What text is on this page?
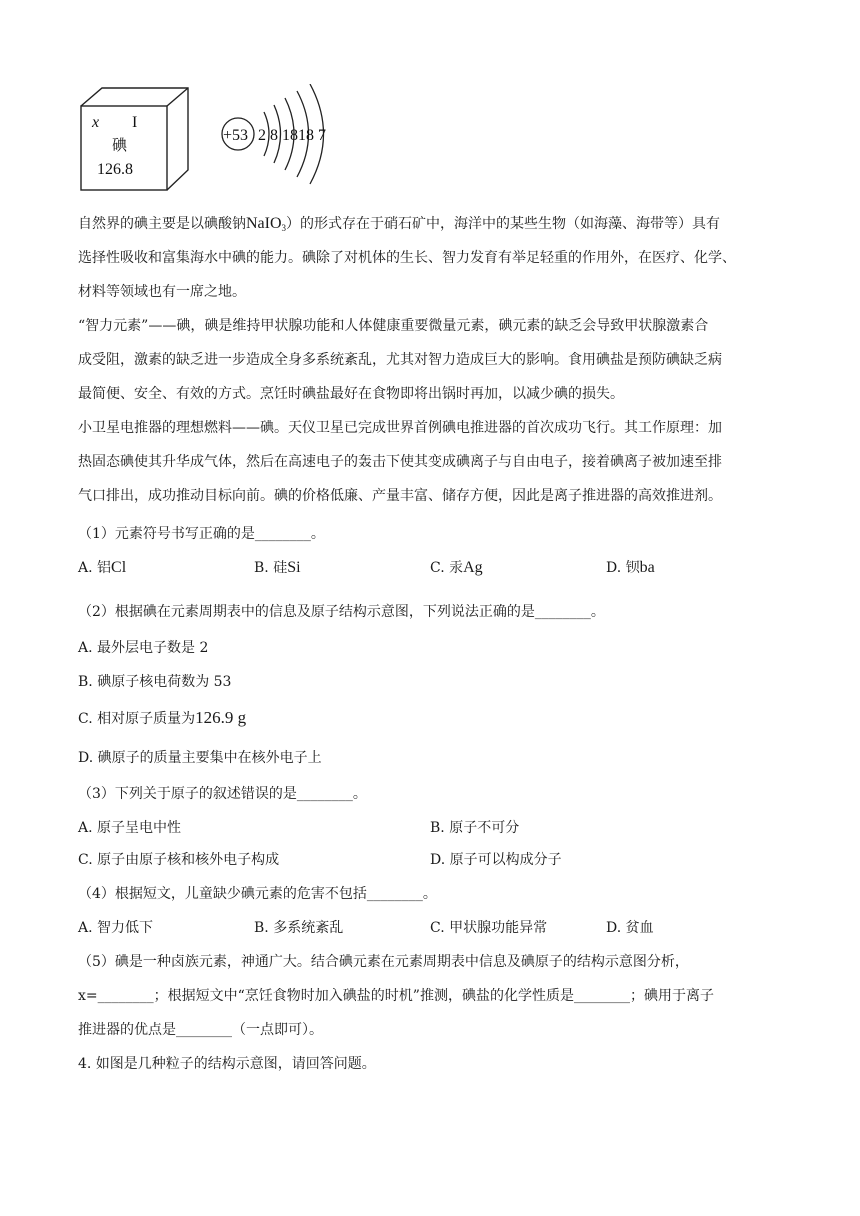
x I
碘
126.8
+53 2 8 1818 7
自然界的碘主要是以碘酸钠NaIO$_3$）的形式存在于硝石矿中，海洋中的某些生物（如海藻、海带等）具有
选择性吸收和富集海水中碘的能力。碘除了对机体的生长、智力发育有举足轻重的作用外，在医疗、化学、
材料等领域也有一席之地。
“智力元素”——碘，碘是维持甲状腺功能和人体健康重要微量元素，碘元素的缺乏会导致甲状腺激素合
成受阻，激素的缺乏进一步造成全身多系统紊乱，尤其对智力造成巨大的影响。食用碘盐是预防碘缺乏病
最简便、安全、有效的方式。烹饪时碘盐最好在食物即将出锅时再加，以减少碘的损失。
小卫星电推器的理想燃料——碘。天仪卫星已完成世界首例碘电推进器的首次成功飞行。其工作原理：加
热固态碘使其升华成气体，然后在高速电子的轰击下使其变成碘离子与自由电子，接着碘离子被加速至排
气口排出，成功推动目标向前。碘的价格低廉、产量丰富、储存方便，因此是离子推进器的高效推进剂。
（1）元素符号书写正确的是________。
A. 铝Cl	B. 硅Si	C. 汞Ag	D. 钡ba
（2）根据碘在元素周期表中的信息及原子结构示意图，下列说法正确的是________。
A. 最外层电子数是 2
B. 碘原子核电荷数为 53
C. 相对原子质量为126.9 g
D. 碘原子的质量主要集中在核外电子上
（3）下列关于原子的叙述错误的是________。
A. 原子呈电中性	B. 原子不可分
C. 原子由原子核和核外电子构成	D. 原子可以构成分子
（4）根据短文，儿童缺少碘元素的危害不包括________。
A. 智力低下	B. 多系统紊乱	C. 甲状腺功能异常	D. 贫血
（5）碘是一种卤族元素，神通广大。结合碘元素在元素周期表中信息及碘原子的结构示意图分析，
x=________；根据短文中“烹饪食物时加入碘盐的时机”推测，碘盐的化学性质是________；碘用于离子
推进器的优点是________（一点即可）。
4. 如图是几种粒子的结构示意图，请回答问题。
